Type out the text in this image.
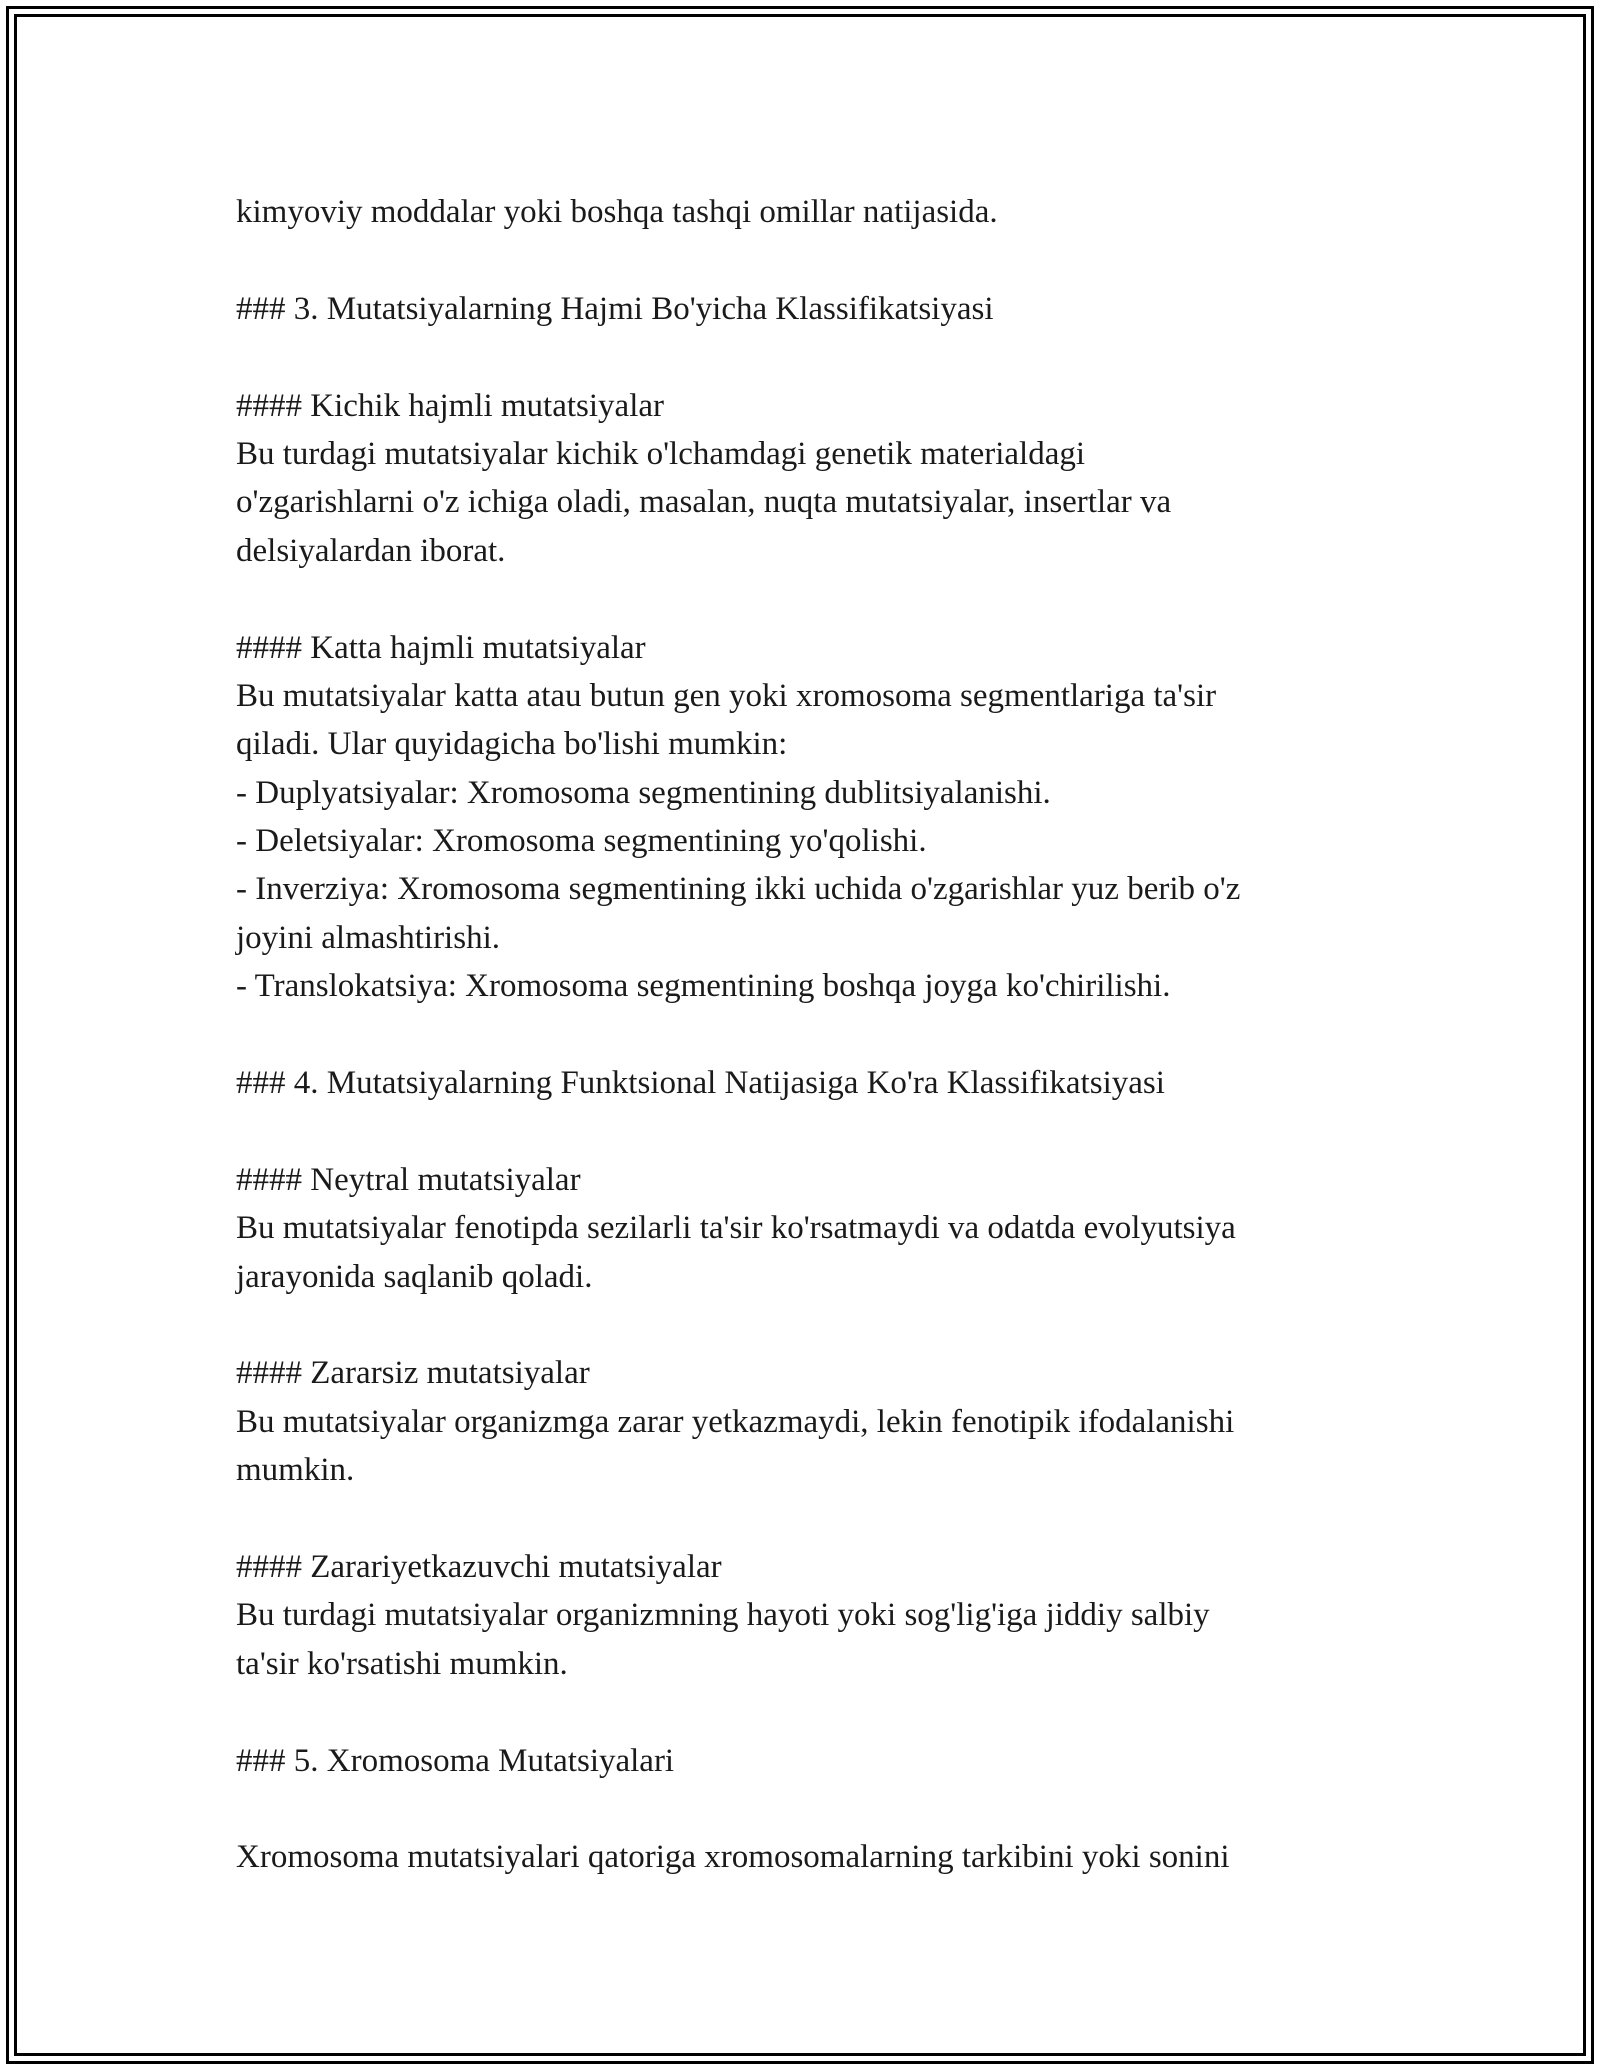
kimyoviy moddalar yoki boshqa tashqi omillar natijasida.
### 3. Mutatsiyalarning Hajmi Bo'yicha Klassifikatsiyasi
#### Kichik hajmli mutatsiyalar
Bu turdagi mutatsiyalar kichik o'lchamdagi genetik materialdagi
o'zgarishlarni o'z ichiga oladi, masalan, nuqta mutatsiyalar, insertlar va
delsiyalardan iborat.
#### Katta hajmli mutatsiyalar
Bu mutatsiyalar katta atau butun gen yoki xromosoma segmentlariga ta'sir
qiladi. Ular quyidagicha bo'lishi mumkin:
- Duplyatsiyalar: Xromosoma segmentining dublitsiyalanishi.
- Deletsiyalar: Xromosoma segmentining yo'qolishi.
- Inverziya: Xromosoma segmentining ikki uchida o'zgarishlar yuz berib o'z
joyini almashtirishi.
- Translokatsiya: Xromosoma segmentining boshqa joyga ko'chirilishi.
### 4. Mutatsiyalarning Funktsional Natijasiga Ko'ra Klassifikatsiyasi
#### Neytral mutatsiyalar
Bu mutatsiyalar fenotipda sezilarli ta'sir ko'rsatmaydi va odatda evolyutsiya
jarayonida saqlanib qoladi.
#### Zararsiz mutatsiyalar
Bu mutatsiyalar organizmga zarar yetkazmaydi, lekin fenotipik ifodalanishi
mumkin.
#### Zarariyetkazuvchi mutatsiyalar
Bu turdagi mutatsiyalar organizmning hayoti yoki sog'lig'iga jiddiy salbiy
ta'sir ko'rsatishi mumkin.
### 5. Xromosoma Mutatsiyalari
Xromosoma mutatsiyalari qatoriga xromosomalarning tarkibini yoki sonini
